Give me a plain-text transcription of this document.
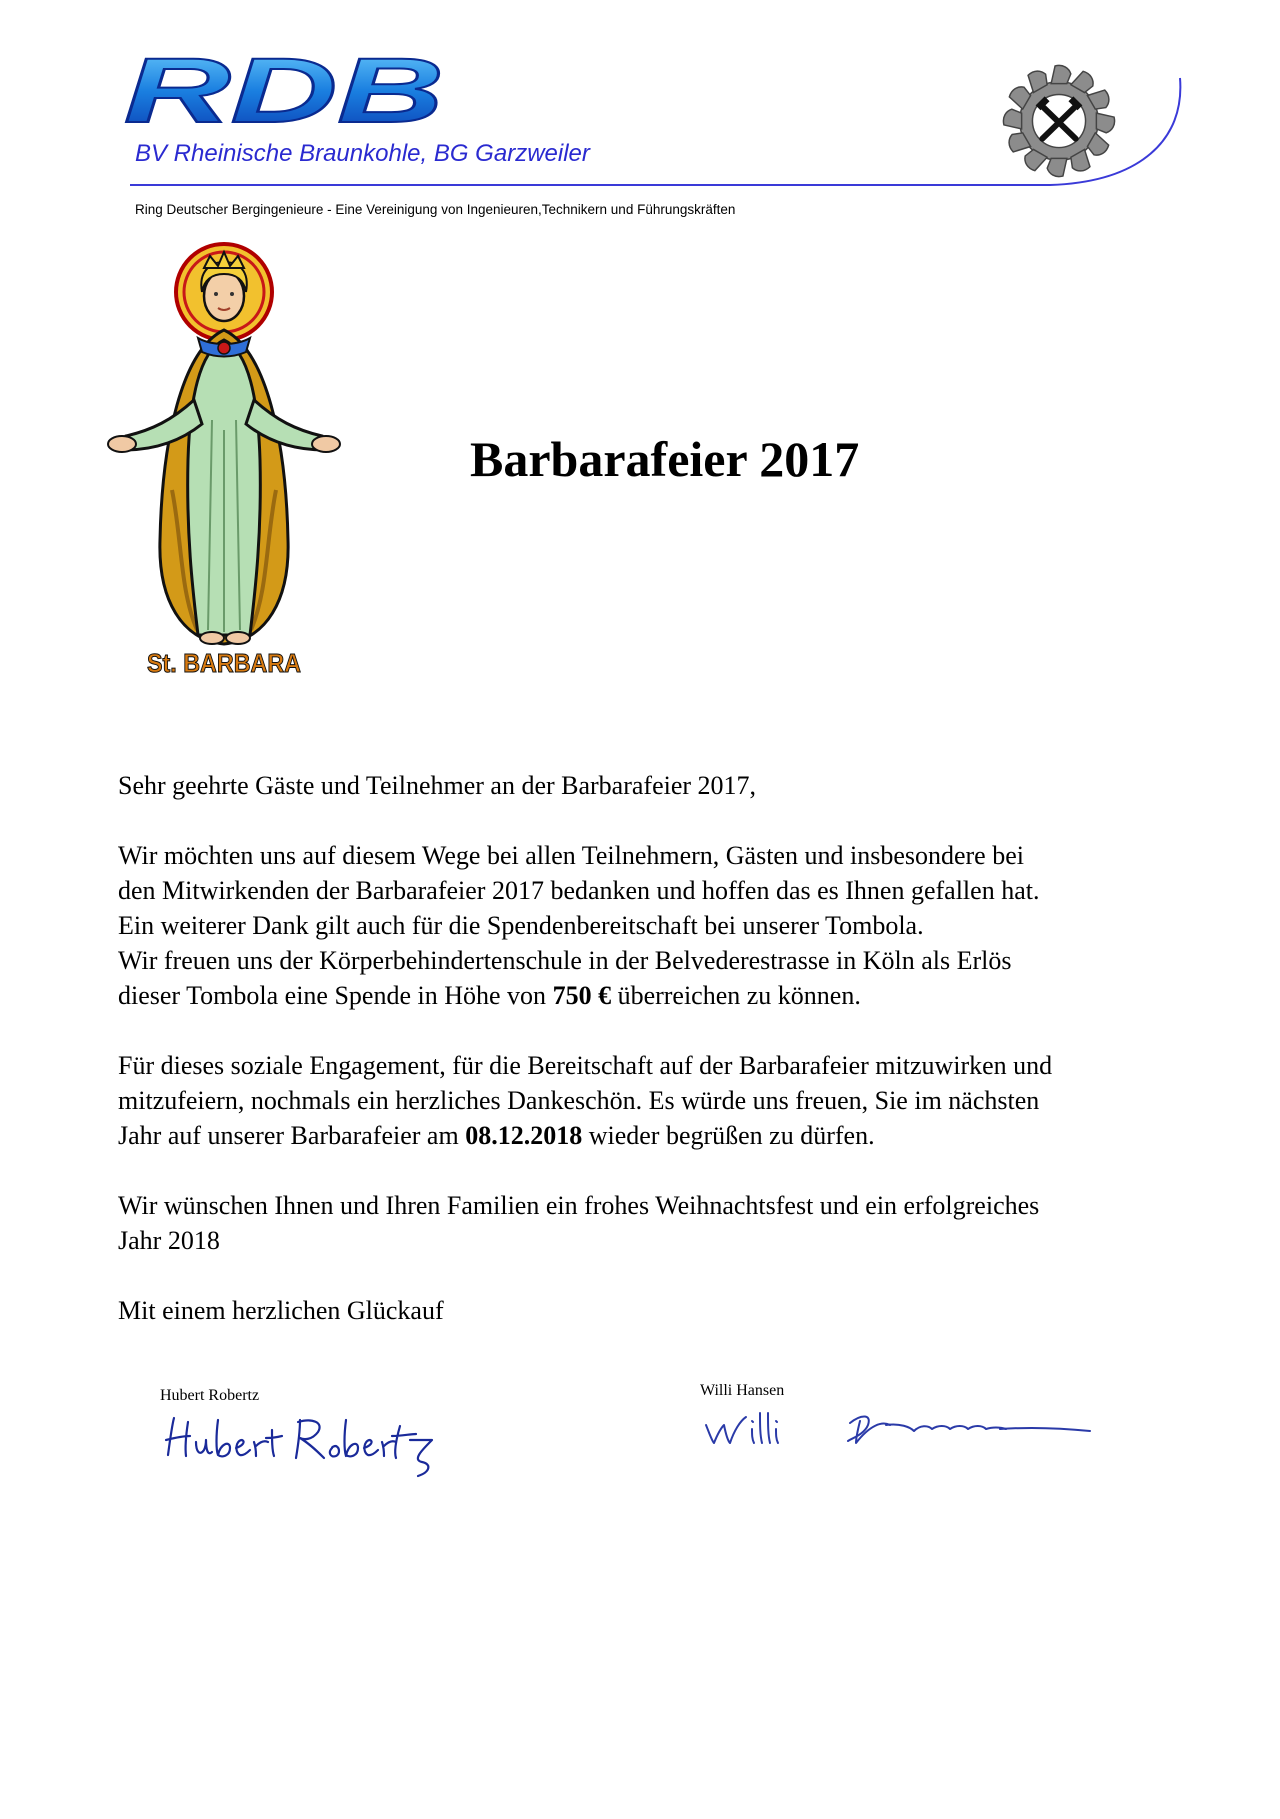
RDB
BV Rheinische Braunkohle, BG Garzweiler
Ring Deutscher Bergingenieure - Eine Vereinigung von Ingenieuren,Technikern und Führungskräften
St. BARBARA
Barbarafeier 2017

Sehr geehrte Gäste und Teilnehmer an der Barbarafeier 2017,

Wir möchten uns auf diesem Wege bei allen Teilnehmern, Gästen und insbesondere bei

den Mitwirkenden der Barbarafeier 2017 bedanken und hoffen das es Ihnen gefallen hat.

Ein weiterer Dank gilt auch für die Spendenbereitschaft bei unserer Tombola.

Wir freuen uns der Körperbehindertenschule in der Belvederestrasse in Köln als Erlös

dieser Tombola eine Spende in Höhe von 750 € überreichen zu können.

Für dieses soziale Engagement, für die Bereitschaft auf der Barbarafeier mitzuwirken und

mitzufeiern, nochmals ein herzliches Dankeschön. Es würde uns freuen, Sie im nächsten

Jahr auf unserer Barbarafeier am 08.12.2018 wieder begrüßen zu dürfen.

Wir wünschen Ihnen und Ihren Familien ein frohes Weihnachtsfest und ein erfolgreiches

Jahr 2018

Mit einem herzlichen Glückauf

Hubert Robertz	Willi Hansen
